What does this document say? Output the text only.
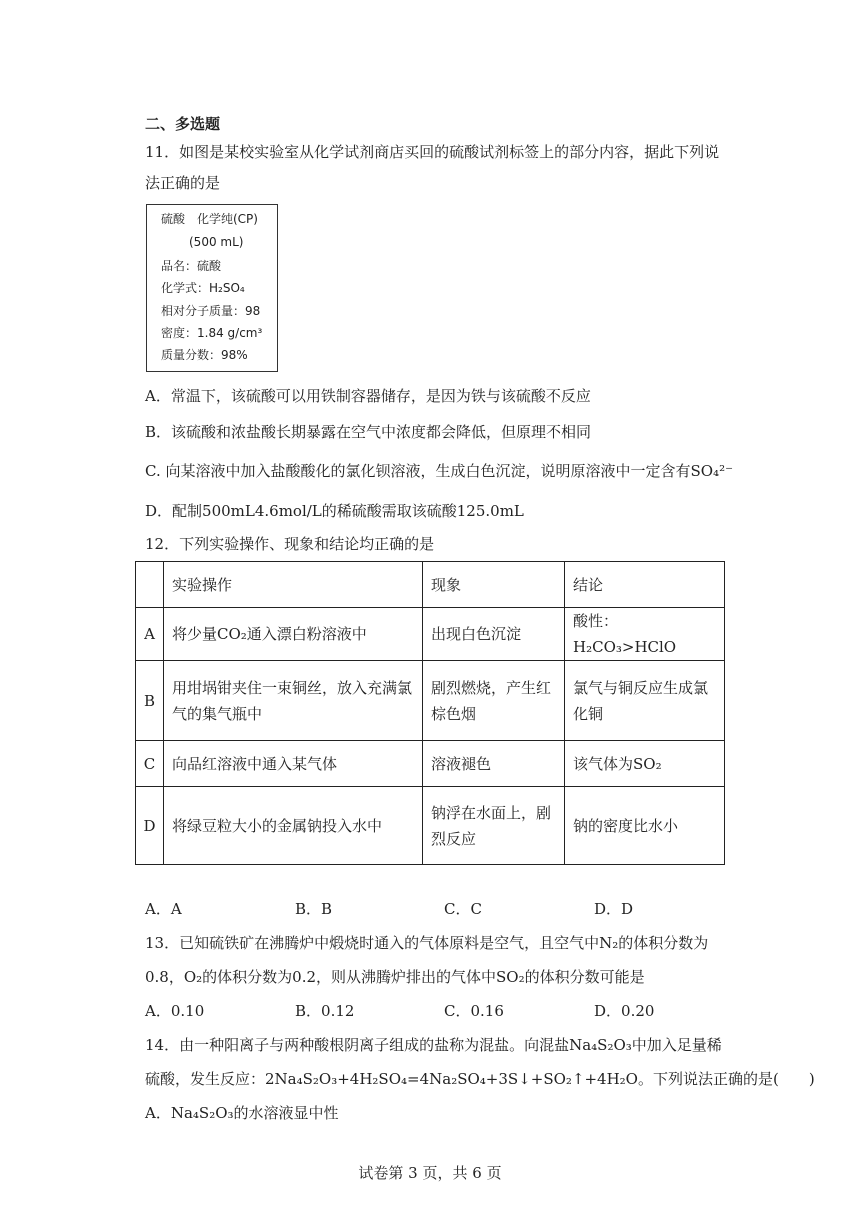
二、多选题
11．如图是某校实验室从化学试剂商店买回的硫酸试剂标签上的部分内容，据此下列说
法正确的是
硫酸　化学纯(CP)
(500 mL)
品名：硫酸
化学式：H₂SO₄
相对分子质量：98
密度：1.84 g/cm³
质量分数：98%
A．常温下，该硫酸可以用铁制容器储存，是因为铁与该硫酸不反应
B．该硫酸和浓盐酸长期暴露在空气中浓度都会降低，但原理不相同
C. 向某溶液中加入盐酸酸化的氯化钡溶液，生成白色沉淀，说明原溶液中一定含有SO₄²⁻
D．配制500mL4.6mol/L的稀硫酸需取该硫酸125.0mL
12．下列实验操作、现象和结论均正确的是
	实验操作	现象	结论
A	将少量CO₂通入漂白粉溶液中	出现白色沉淀	酸性：H₂CO₃>HClO
B	用坩埚钳夹住一束铜丝，放入充满氯气的集气瓶中	剧烈燃烧，产生红棕色烟	氯气与铜反应生成氯化铜
C	向品红溶液中通入某气体	溶液褪色	该气体为SO₂
D	将绿豆粒大小的金属钠投入水中	钠浮在水面上，剧烈反应	钠的密度比水小
A．A	B．B	C．C	D．D
13．已知硫铁矿在沸腾炉中煅烧时通入的气体原料是空气，且空气中N₂的体积分数为
0.8，O₂的体积分数为0.2，则从沸腾炉排出的气体中SO₂的体积分数可能是
A．0.10	B．0.12	C．0.16	D．0.20
14．由一种阳离子与两种酸根阴离子组成的盐称为混盐。向混盐Na₄S₂O₃中加入足量稀
硫酸，发生反应：2Na₄S₂O₃+4H₂SO₄=4Na₂SO₄+3S↓+SO₂↑+4H₂O。下列说法正确的是(　　)
A．Na₄S₂O₃的水溶液显中性
试卷第 3 页，共 6 页
